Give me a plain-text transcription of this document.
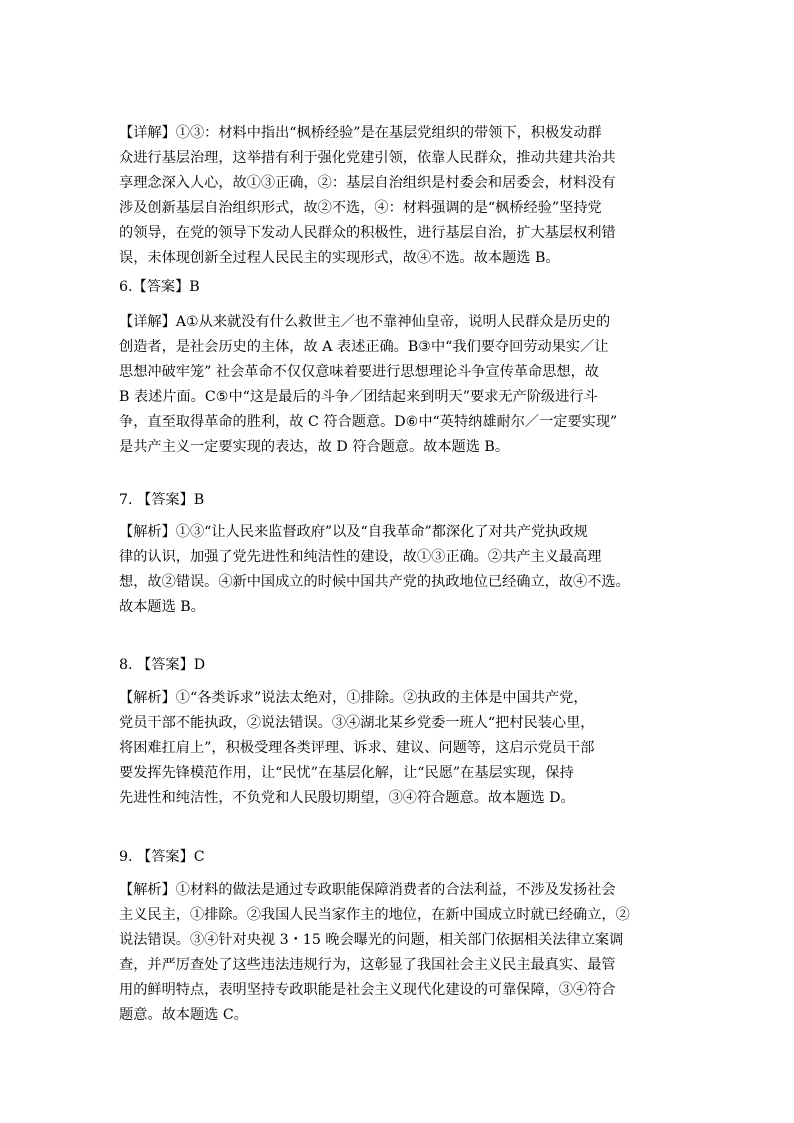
【详解】①③：材料中指出“枫桥经验”是在基层党组织的带领下，积极发动群
众进行基层治理，这举措有利于强化党建引领，依靠人民群众，推动共建共治共
享理念深入人心，故①③正确，②：基层自治组织是村委会和居委会，材料没有
涉及创新基层自治组织形式，故②不选，④：材料强调的是“枫桥经验”坚持党
的领导，在党的领导下发动人民群众的积极性，进行基层自治，扩大基层权利错
误，未体现创新全过程人民民主的实现形式，故④不选。故本题选 B。
6.【答案】B
【详解】A①从来就没有什么救世主／也不靠神仙皇帝，说明人民群众是历史的
创造者，是社会历史的主体，故 A 表述正确。B③中“我们要夺回劳动果实／让
思想冲破牢笼” 社会革命不仅仅意味着要进行思想理论斗争宣传革命思想，故
B 表述片面。C⑤中“这是最后的斗争／团结起来到明天”要求无产阶级进行斗
争，直至取得革命的胜利，故 C 符合题意。D⑥中“英特纳雄耐尔／一定要实现”
是共产主义一定要实现的表达，故 D 符合题意。故本题选 B。
7. 【答案】B
【解析】①③“让人民来监督政府”以及“自我革命”都深化了对共产党执政规
律的认识，加强了党先进性和纯洁性的建设，故①③正确。②共产主义最高理
想，故②错误。④新中国成立的时候中国共产党的执政地位已经确立，故④不选。
故本题选 B。
8. 【答案】D
【解析】①“各类诉求”说法太绝对，①排除。②执政的主体是中国共产党，
党员干部不能执政，②说法错误。③④湖北某乡党委一班人“把村民装心里，
将困难扛肩上”，积极受理各类评理、诉求、建议、问题等，这启示党员干部
要发挥先锋模范作用，让“民忧”在基层化解，让“民愿”在基层实现，保持
先进性和纯洁性，不负党和人民殷切期望，③④符合题意。故本题选 D。
9. 【答案】C
【解析】①材料的做法是通过专政职能保障消费者的合法利益，不涉及发扬社会
主义民主，①排除。②我国人民当家作主的地位，在新中国成立时就已经确立，②
说法错误。③④针对央视 3・15 晚会曝光的问题，相关部门依据相关法律立案调
查，并严厉查处了这些违法违规行为，这彰显了我国社会主义民主最真实、最管
用的鲜明特点，表明坚持专政职能是社会主义现代化建设的可靠保障，③④符合
题意。故本题选 C。
